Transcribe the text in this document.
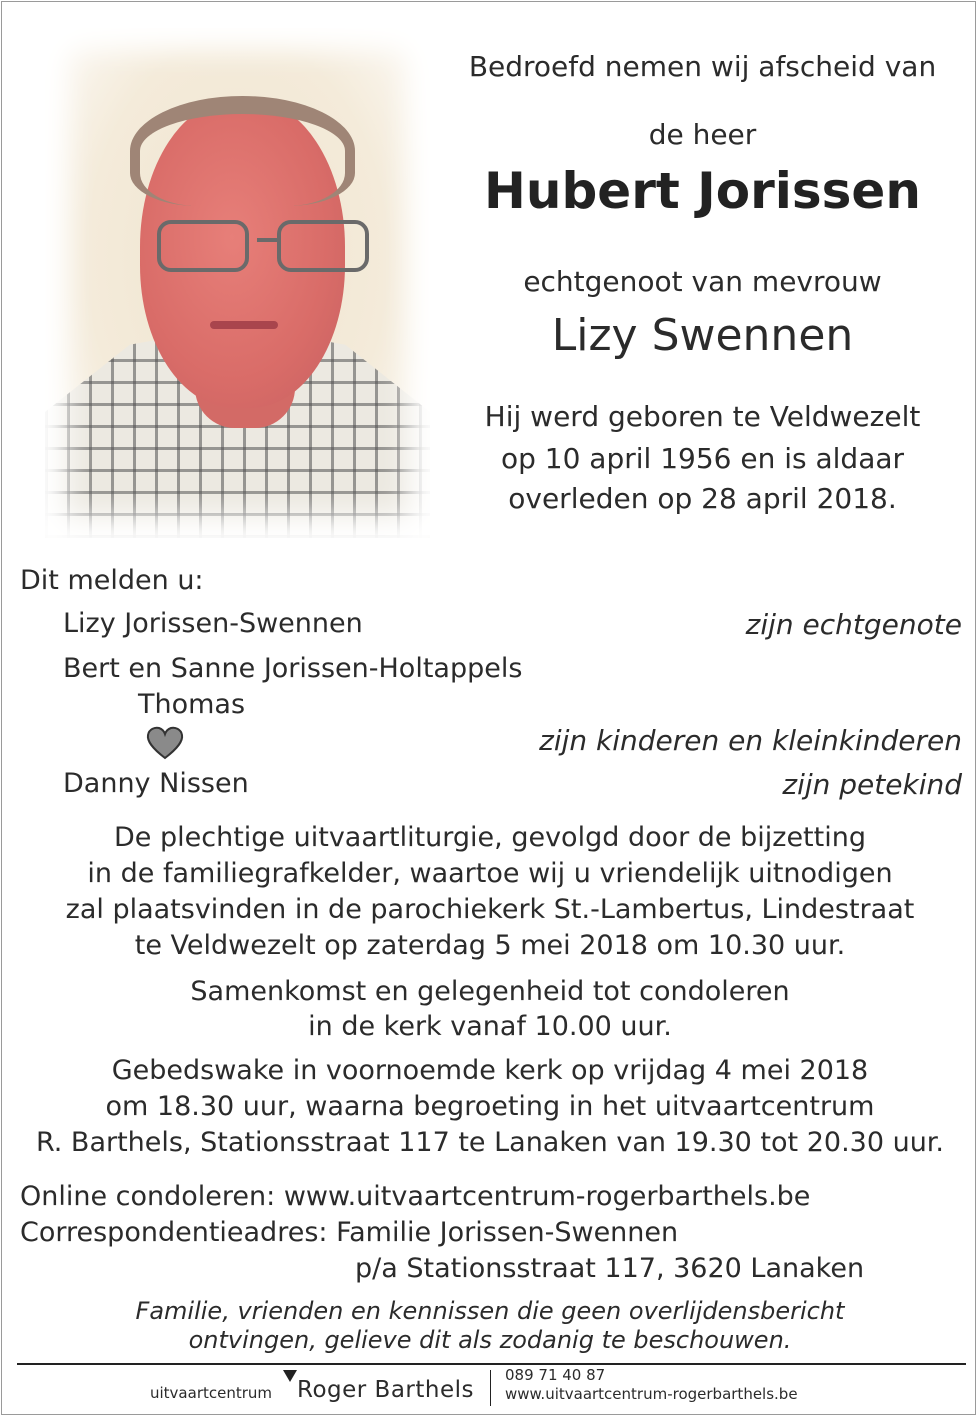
Bedroefd nemen wij afscheid van
de heer
Hubert Jorissen
echtgenoot van mevrouw
Lizy Swennen
Hij werd geboren te Veldwezelt
op 10 april 1956 en is aldaar
overleden op 28 april 2018.
Dit melden u:
Lizy Jorissen-Swennen	zijn echtgenote
Bert en Sanne Jorissen-Holtappels
Thomas
zijn kinderen en kleinkinderen
Danny Nissen	zijn petekind
De plechtige uitvaartliturgie, gevolgd door de bijzetting
in de familiegrafkelder, waartoe wij u vriendelijk uitnodigen
zal plaatsvinden in de parochiekerk St.-Lambertus, Lindestraat
te Veldwezelt op zaterdag 5 mei 2018 om 10.30 uur.
Samenkomst en gelegenheid tot condoleren
in de kerk vanaf 10.00 uur.
Gebedswake in voornoemde kerk op vrijdag 4 mei 2018
om 18.30 uur, waarna begroeting in het uitvaartcentrum
R. Barthels, Stationsstraat 117 te Lanaken van 19.30 tot 20.30 uur.
Online condoleren: www.uitvaartcentrum-rogerbarthels.be
Correspondentieadres: Familie Jorissen-Swennen
p/a Stationsstraat 117, 3620 Lanaken
Familie, vrienden en kennissen die geen overlijdensbericht
ontvingen, gelieve dit als zodanig te beschouwen.
uitvaartcentrum Roger Barthels
089 71 40 87
www.uitvaartcentrum-rogerbarthels.be
